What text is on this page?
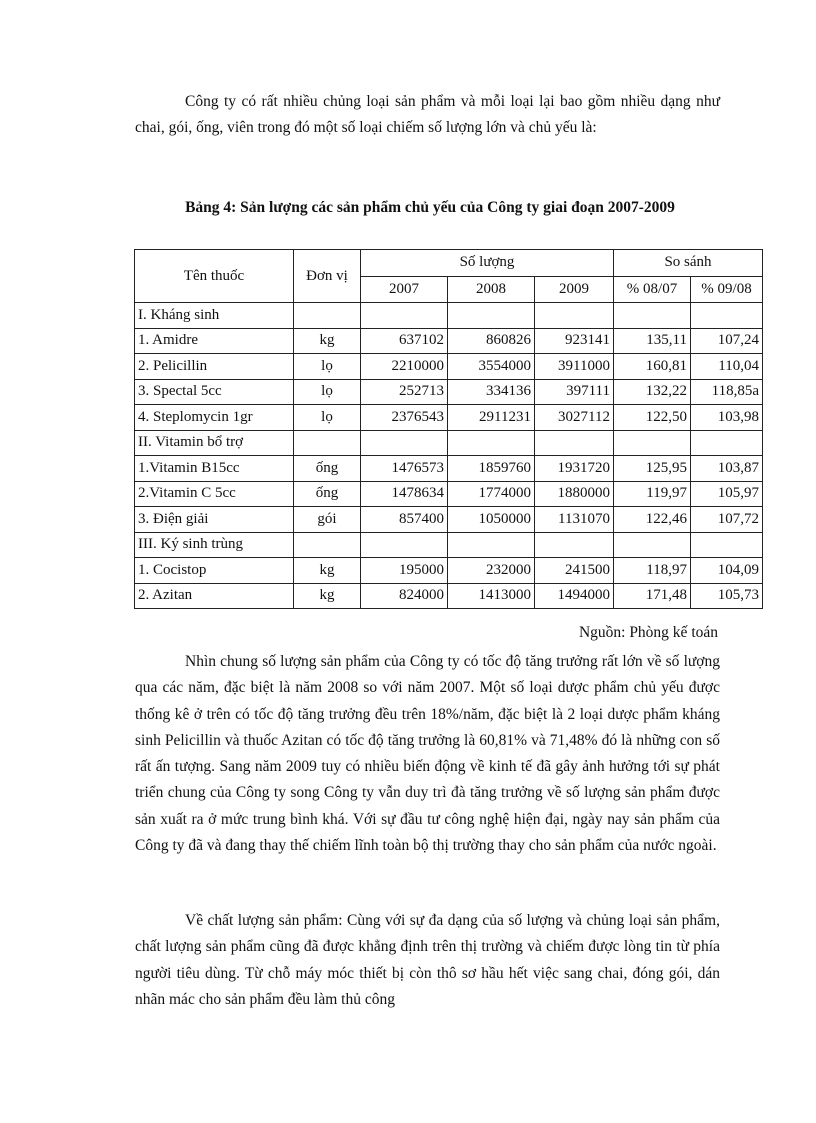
Công ty có rất nhiều chủng loại sản phẩm và mỗi loại lại bao gồm nhiều dạng như chai, gói, ống, viên trong đó một số loại chiếm số lượng lớn và chủ yếu là:

Bảng 4: Sản lượng các sản phẩm chủ yếu của Công ty giai đoạn 2007-2009

Tên thuốc	Đơn vị	Số lượng			So sánh	
		2007	2008	2009	% 08/07	% 09/08
I. Kháng sinh						
1. Amidre	kg	637102	860826	923141	135,11	107,24
2. Pelicillin	lọ	2210000	3554000	3911000	160,81	110,04
3. Spectal 5cc	lọ	252713	334136	397111	132,22	118,85a
4. Steplomycin 1gr	lọ	2376543	2911231	3027112	122,50	103,98
II. Vitamin bổ trợ						
1.Vitamin B15cc	ống	1476573	1859760	1931720	125,95	103,87
2.Vitamin C 5cc	ống	1478634	1774000	1880000	119,97	105,97
3. Điện giải	gói	857400	1050000	1131070	122,46	107,72
III. Ký sinh trùng						
1. Cocistop	kg	195000	232000	241500	118,97	104,09
2. Azitan	kg	824000	1413000	1494000	171,48	105,73

Nguồn: Phòng kế toán

Nhìn chung số lượng sản phẩm của Công ty có tốc độ tăng trưởng rất lớn về số lượng qua các năm, đặc biệt là năm 2008 so với năm 2007. Một số loại dược phẩm chủ yếu được thống kê ở trên có tốc độ tăng trưởng đều trên 18%/năm, đặc biệt là 2 loại dược phẩm kháng sinh Pelicillin và thuốc Azitan có tốc độ tăng trưởng là 60,81% và 71,48% đó là những con số rất ấn tượng. Sang năm 2009 tuy có nhiều biến động về kinh tế đã gây ảnh hưởng tới sự phát triển chung của Công ty song Công ty vẫn duy trì đà tăng trưởng về số lượng sản phẩm được sản xuất ra ở mức trung bình khá. Với sự đầu tư công nghệ hiện đại, ngày nay sản phẩm của Công ty đã và đang thay thế chiếm lĩnh toàn bộ thị trường thay cho sản phẩm của nước ngoài.

Về chất lượng sản phẩm: Cùng với sự đa dạng của số lượng và chủng loại sản phẩm, chất lượng sản phẩm cũng đã được khẳng định trên thị trường và chiếm được lòng tin từ phía người tiêu dùng. Từ chỗ máy móc thiết bị còn thô sơ hầu hết việc sang chai, đóng gói, dán nhãn mác cho sản phẩm đều làm thủ công
